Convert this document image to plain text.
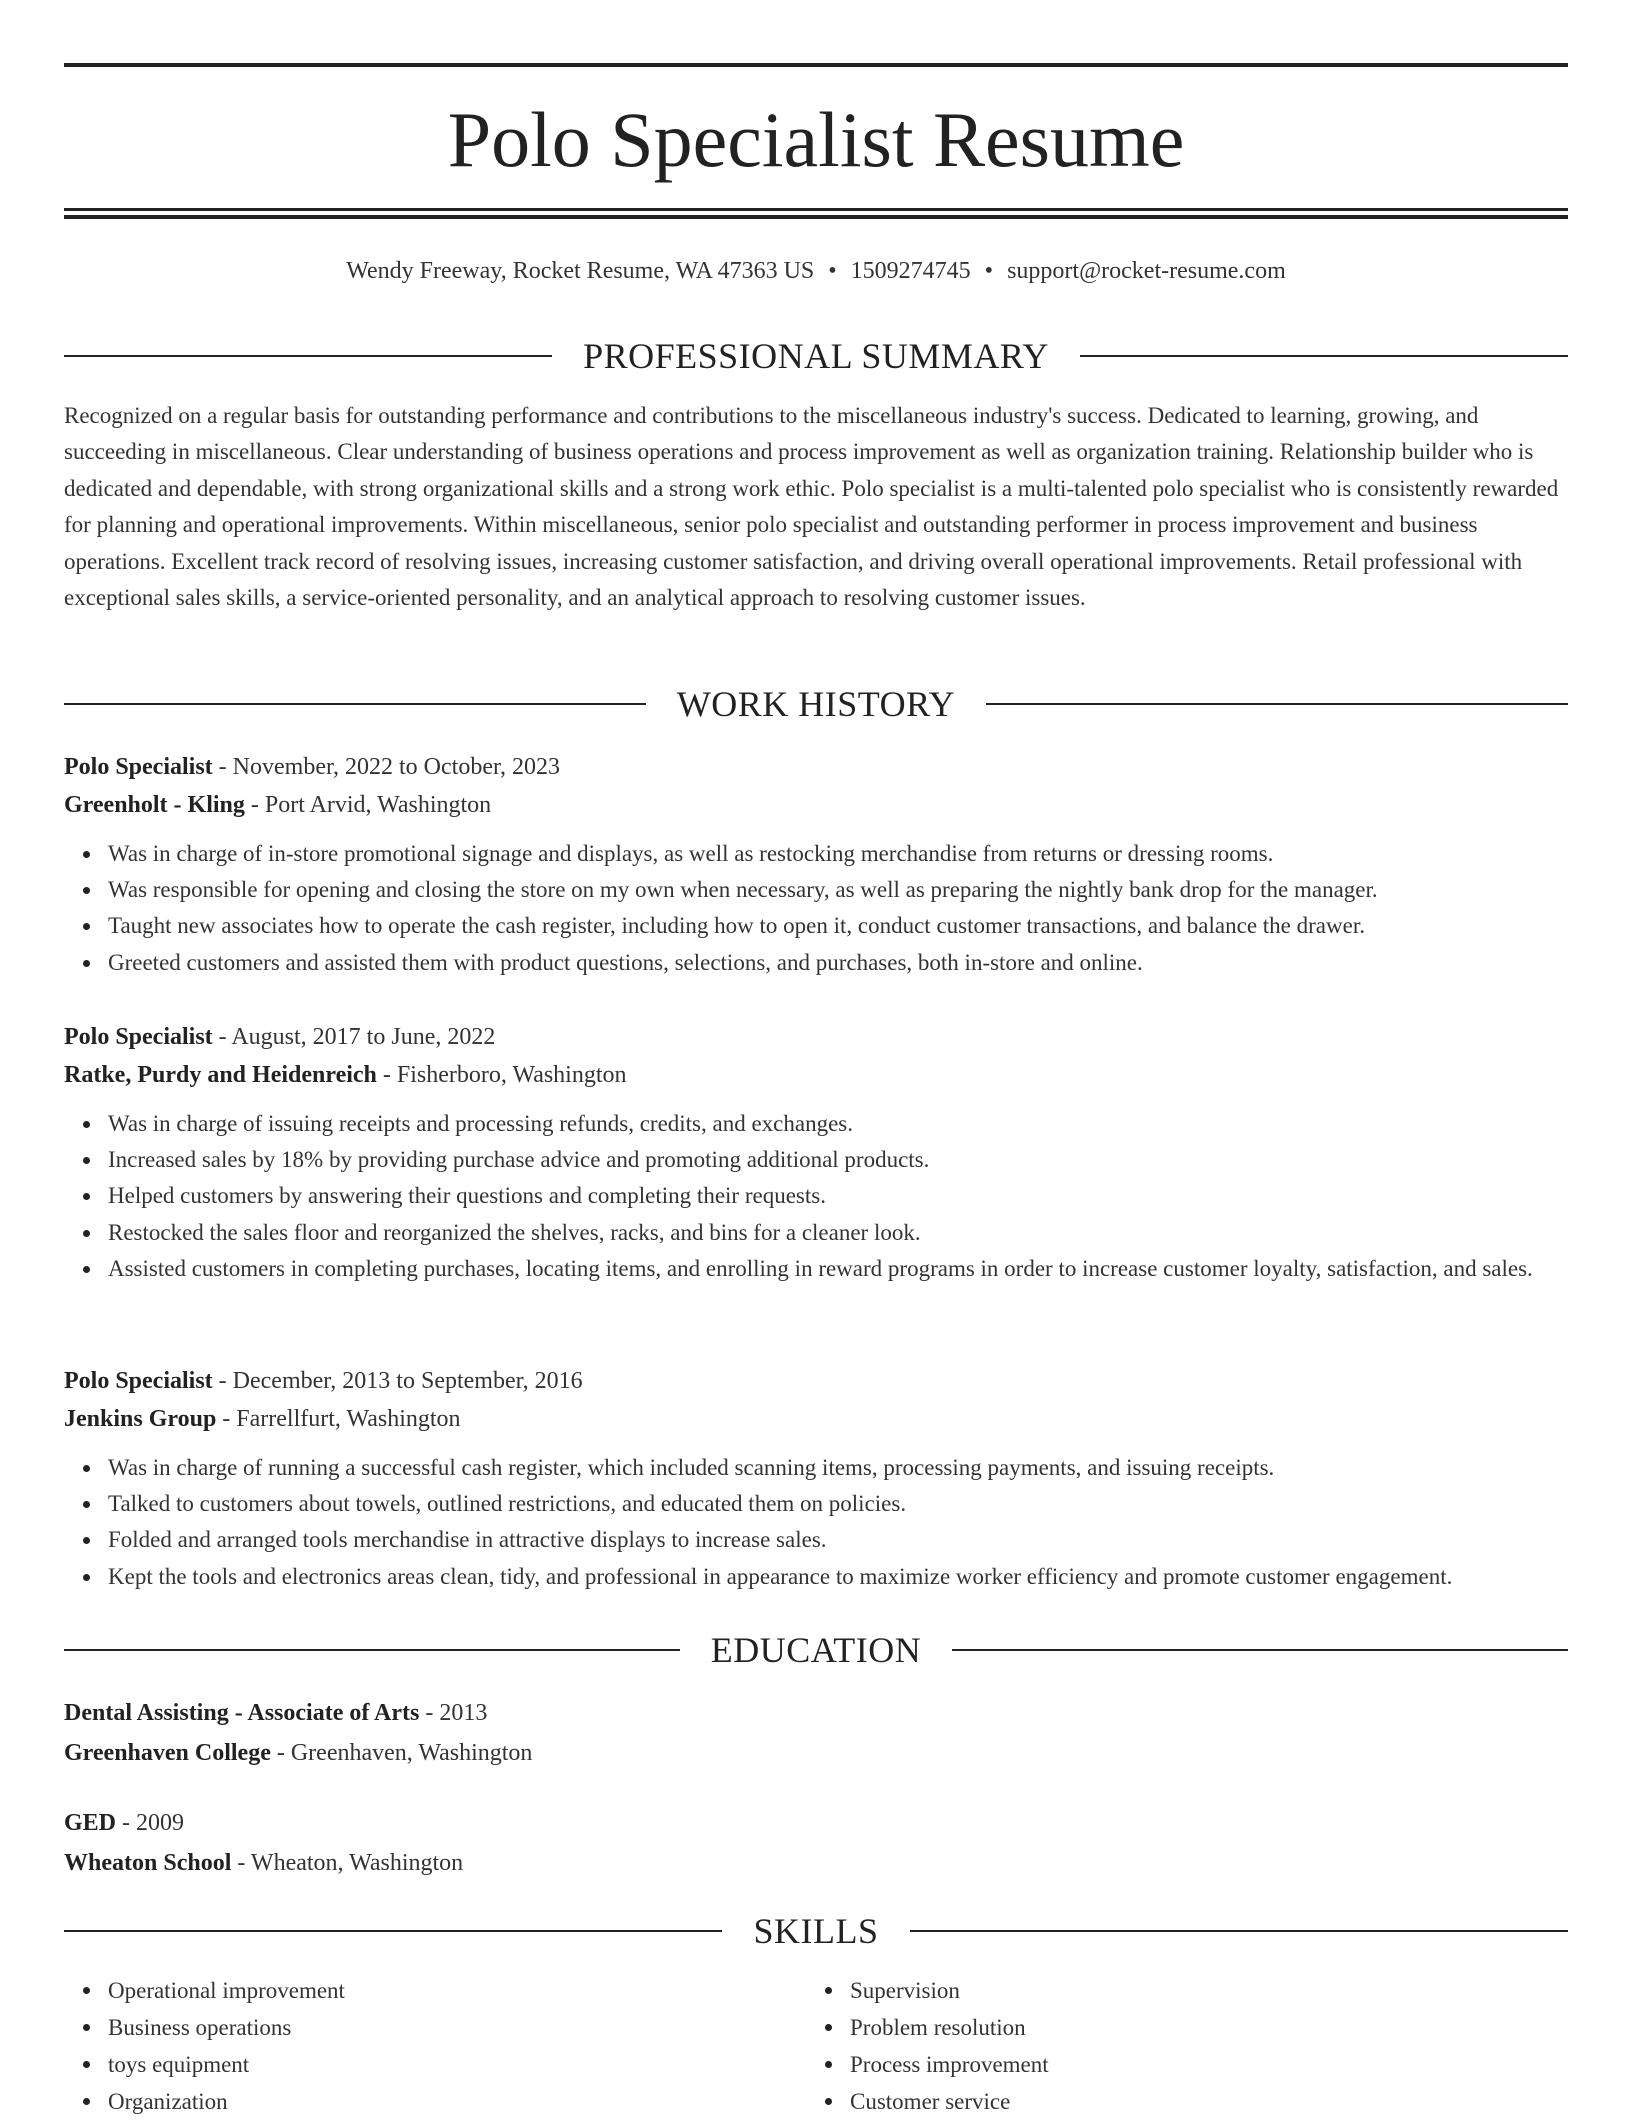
Polo Specialist Resume
Wendy Freeway, Rocket Resume, WA 47363 US • 1509274745 • support@rocket-resume.com
PROFESSIONAL SUMMARY

Recognized on a regular basis for outstanding performance and contributions to the miscellaneous industry's success. Dedicated to learning, growing, and succeeding in miscellaneous. Clear understanding of business operations and process improvement as well as organization training. Relationship builder who is dedicated and dependable, with strong organizational skills and a strong work ethic. Polo specialist is a multi-talented polo specialist who is consistently rewarded for planning and operational improvements. Within miscellaneous, senior polo specialist and outstanding performer in process improvement and business operations. Excellent track record of resolving issues, increasing customer satisfaction, and driving overall operational improvements. Retail professional with exceptional sales skills, a service-oriented personality, and an analytical approach to resolving customer issues.

WORK HISTORY
Polo Specialist - November, 2022 to October, 2023
Greenholt - Kling - Port Arvid, Washington
Was in charge of in-store promotional signage and displays, as well as restocking merchandise from returns or dressing rooms.
Was responsible for opening and closing the store on my own when necessary, as well as preparing the nightly bank drop for the manager.
Taught new associates how to operate the cash register, including how to open it, conduct customer transactions, and balance the drawer.
Greeted customers and assisted them with product questions, selections, and purchases, both in-store and online.
Polo Specialist - August, 2017 to June, 2022
Ratke, Purdy and Heidenreich - Fisherboro, Washington
Was in charge of issuing receipts and processing refunds, credits, and exchanges.
Increased sales by 18% by providing purchase advice and promoting additional products.
Helped customers by answering their questions and completing their requests.
Restocked the sales floor and reorganized the shelves, racks, and bins for a cleaner look.
Assisted customers in completing purchases, locating items, and enrolling in reward programs in order to increase customer loyalty, satisfaction, and sales.
Polo Specialist - December, 2013 to September, 2016
Jenkins Group - Farrellfurt, Washington
Was in charge of running a successful cash register, which included scanning items, processing payments, and issuing receipts.
Talked to customers about towels, outlined restrictions, and educated them on policies.
Folded and arranged tools merchandise in attractive displays to increase sales.
Kept the tools and electronics areas clean, tidy, and professional in appearance to maximize worker efficiency and promote customer engagement.
EDUCATION
Dental Assisting - Associate of Arts - 2013
Greenhaven College - Greenhaven, Washington
GED - 2009
Wheaton School - Wheaton, Washington
SKILLS
Operational improvement
Business operations
toys equipment
Organization
Supervision
Problem resolution
Process improvement
Customer service
